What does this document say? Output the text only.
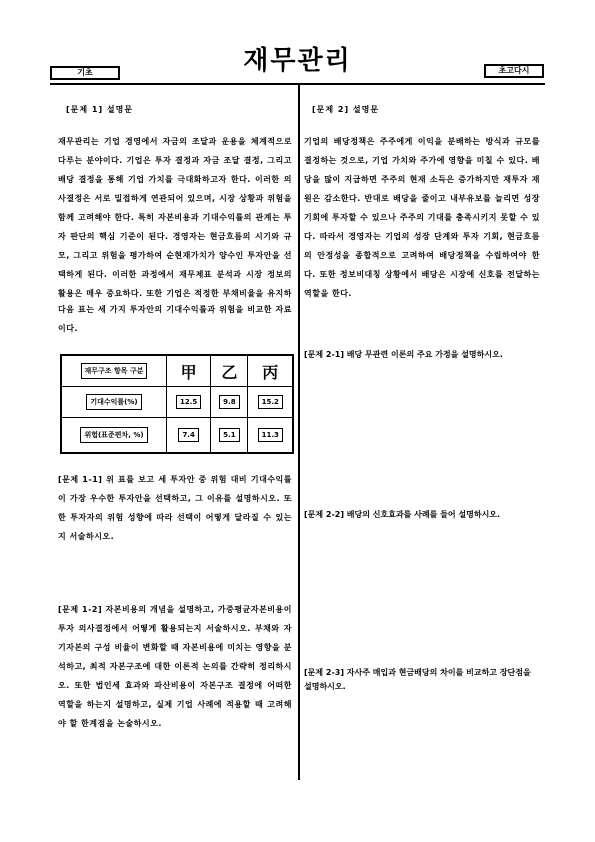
기초	재무관리	초고다시
[문제 1] 설명문
재무관리는 기업 경영에서 자금의 조달과 운용을 체계적으로 다루는 분야이다. 기업은 투자 결정과 자금 조달 결정, 그리고 배당 결정을 통해 기업 가치를 극대화하고자 한다. 이러한 의사결정은 서로 밀접하게 연관되어 있으며, 시장 상황과 위험을 함께 고려해야 한다. 특히 자본비용과 기대수익률의 관계는 투자 판단의 핵심 기준이 된다. 경영자는 현금흐름의 시기와 규모, 그리고 위험을 평가하여 순현재가치가 양수인 투자안을 선택하게 된다. 이러한 과정에서 재무제표 분석과 시장 정보의 활용은 매우 중요하다. 또한 기업은 적정한 부채비율을 유지하
다음 표는 세 가지 투자안의 기대수익률과 위험을 비교한 자료이다.
재무구조 항목 구분	甲	乙	丙
기대수익률(%)	12.5	9.8	15.2
위험(표준편차, %)	7.4	5.1	11.3
[문제 1-1] 위 표를 보고 세 투자안 중 위험 대비 기대수익률이 가장 우수한 투자안을 선택하고, 그 이유를 설명하시오. 또한 투자자의 위험 성향에 따라 선택이 어떻게 달라질 수 있는지 서술하시오.
[문제 1-2] 자본비용의 개념을 설명하고, 가중평균자본비용이 투자 의사결정에서 어떻게 활용되는지 서술하시오. 부채와 자기자본의 구성 비율이 변화할 때 자본비용에 미치는 영향을 분석하고, 최적 자본구조에 대한 이론적 논의를 간략히 정리하시오. 또한 법인세 효과와 파산비용이 자본구조 결정에 어떠한 역할을 하는지 설명하고, 실제 기업 사례에 적용할 때 고려해야 할 한계점을 논술하시오.
[문제 2] 설명문
기업의 배당정책은 주주에게 이익을 분배하는 방식과 규모를 결정하는 것으로, 기업 가치와 주가에 영향을 미칠 수 있다. 배당을 많이 지급하면 주주의 현재 소득은 증가하지만 재투자 재원은 감소한다. 반대로 배당을 줄이고 내부유보를 늘리면 성장 기회에 투자할 수 있으나 주주의 기대를 충족시키지 못할 수 있다. 따라서 경영자는 기업의 성장 단계와 투자 기회, 현금흐름의 안정성을 종합적으로 고려하여 배당정책을 수립하여야 한다. 또한 정보비대칭 상황에서 배당은 시장에 신호를 전달하는 역할을 한다.
[문제 2-1] 배당 무관련 이론의 주요 가정을 설명하시오.
[문제 2-2] 배당의 신호효과를 사례를 들어 설명하시오.
[문제 2-3] 자사주 매입과 현금배당의 차이를 비교하고 장단점을 설명하시오.
